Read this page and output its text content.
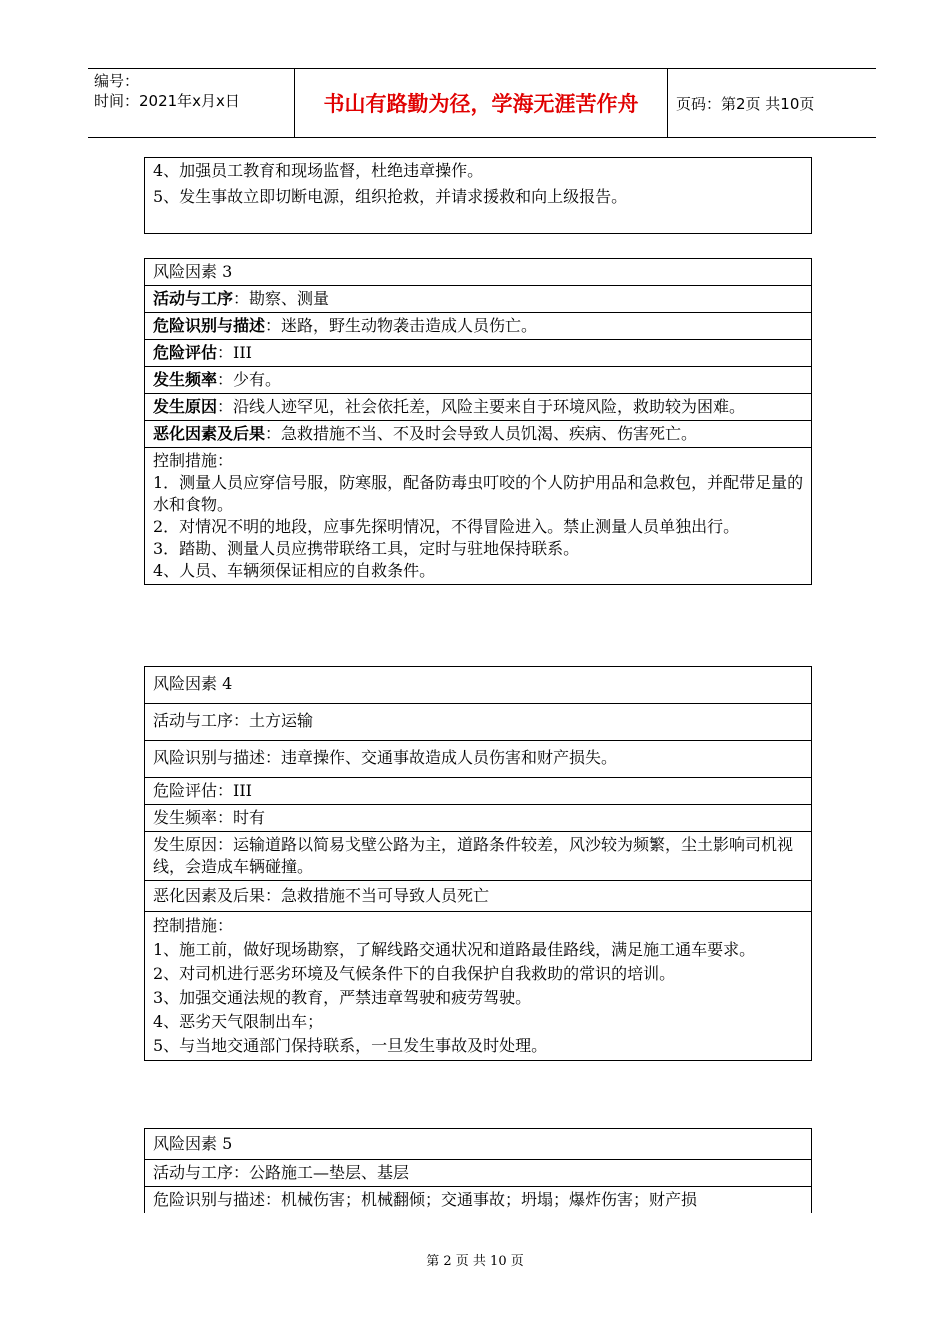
编号：
时间：2021年x月x日	书山有路勤为径，学海无涯苦作舟	页码：第2页 共10页
4、加强员工教育和现场监督，杜绝违章操作。
5、发生事故立即切断电源，组织抢救，并请求援救和向上级报告。
风险因素 3
活动与工序：勘察、测量
危险识别与描述：迷路，野生动物袭击造成人员伤亡。
危险评估：III
发生频率：少有。
发生原因：沿线人迹罕见，社会依托差，风险主要来自于环境风险，救助较为困难。
恶化因素及后果：急救措施不当、不及时会导致人员饥渴、疾病、伤害死亡。
控制措施：
1．测量人员应穿信号服，防寒服，配备防毒虫叮咬的个人防护用品和急救包，并配带足量的水和食物。
2．对情况不明的地段，应事先探明情况，不得冒险进入。禁止测量人员单独出行。
3．踏勘、测量人员应携带联络工具，定时与驻地保持联系。
4、人员、车辆须保证相应的自救条件。
风险因素 4
活动与工序：土方运输
风险识别与描述：违章操作、交通事故造成人员伤害和财产损失。
危险评估：III
发生频率：时有
发生原因：运输道路以简易戈壁公路为主，道路条件较差，风沙较为频繁，尘土影响司机视线，会造成车辆碰撞。
恶化因素及后果：急救措施不当可导致人员死亡
控制措施：
1、施工前，做好现场勘察，了解线路交通状况和道路最佳路线，满足施工通车要求。
2、对司机进行恶劣环境及气候条件下的自我保护自我救助的常识的培训。
3、加强交通法规的教育，严禁违章驾驶和疲劳驾驶。
4、恶劣天气限制出车；
5、与当地交通部门保持联系，一旦发生事故及时处理。
风险因素 5
活动与工序：公路施工—垫层、基层
危险识别与描述：机械伤害；机械翻倾；交通事故；坍塌；爆炸伤害；财产损
第 2 页 共 10 页
